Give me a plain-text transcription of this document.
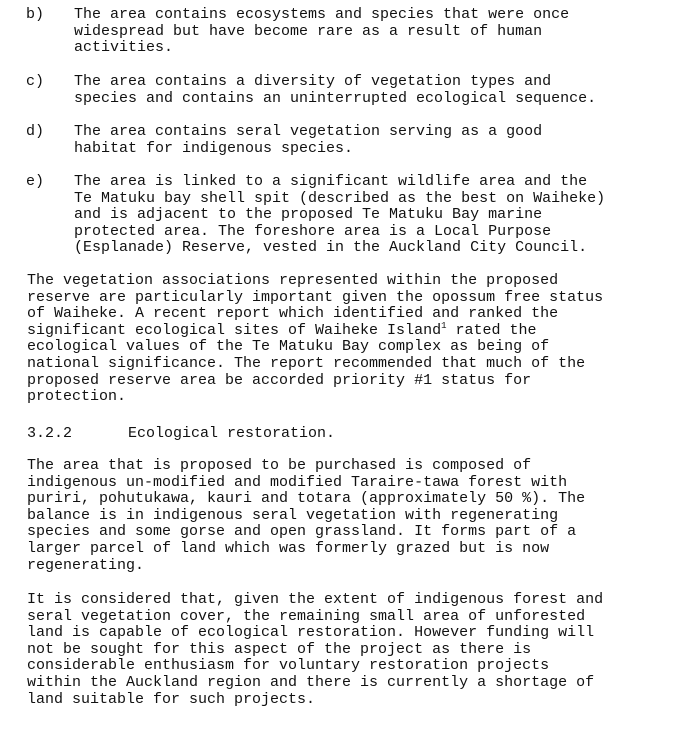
b) The area contains ecosystems and species that were once
widespread but have become rare as a result of human
activities.
c) The area contains a diversity of vegetation types and
species and contains an uninterrupted ecological sequence.
d) The area contains seral vegetation serving as a good
habitat for indigenous species.
e) The area is linked to a significant wildlife area and the
Te Matuku bay shell spit (described as the best on Waiheke)
and is adjacent to the proposed Te Matuku Bay marine
protected area. The foreshore area is a Local Purpose
(Esplanade) Reserve, vested in the Auckland City Council.
The vegetation associations represented within the proposed
reserve are particularly important given the opossum free status
of Waiheke. A recent report which identified and ranked the
significant ecological sites of Waiheke Island$^1$ rated the
ecological values of the Te Matuku Bay complex as being of
national significance. The report recommended that much of the
proposed reserve area be accorded priority #1 status for
protection.
3.2.2	Ecological restoration.
The area that is proposed to be purchased is composed of
indigenous un-modified and modified Taraire-tawa forest with
puriri, pohutukawa, kauri and totara (approximately 50 %). The
balance is in indigenous seral vegetation with regenerating
species and some gorse and open grassland. It forms part of a
larger parcel of land which was formerly grazed but is now
regenerating.
It is considered that, given the extent of indigenous forest and
seral vegetation cover, the remaining small area of unforested
land is capable of ecological restoration. However funding will
not be sought for this aspect of the project as there is
considerable enthusiasm for voluntary restoration projects
within the Auckland region and there is currently a shortage of
land suitable for such projects.
